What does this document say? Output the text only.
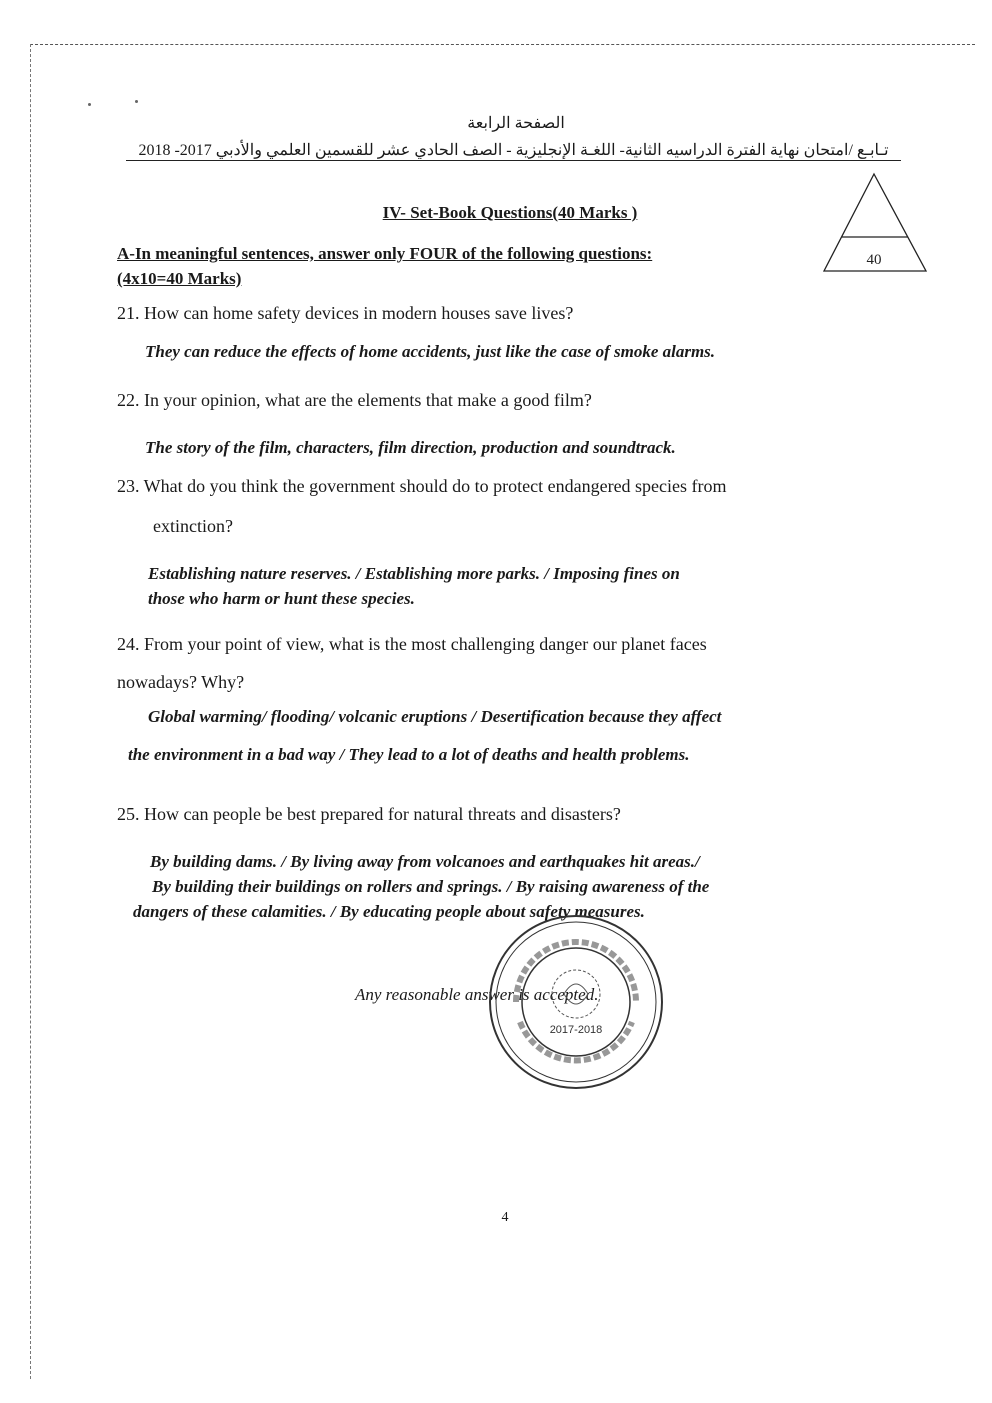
الصفحة الرابعة
تـابـع /امتحان نهاية الفترة الدراسيه الثانية- اللغـة الإنجليزية - الصف الحادي عشر للقسمين العلمي والأدبي 2017- 2018
IV- Set-Book Questions(40 Marks )
A-In meaningful sentences, answer only FOUR of the following questions:
(4x10=40 Marks)
40
21. How can home safety devices in modern houses save lives?
They can reduce the effects of home accidents, just like the case of smoke alarms.
22. In your opinion, what are the elements that make a good film?
The story of the film, characters, film direction, production and soundtrack.
23. What do you think the government should do to protect endangered species from
extinction?
Establishing nature reserves. / Establishing more parks. / Imposing fines on
those who harm or hunt these species.
24. From your point of view, what is the most challenging danger our planet faces
nowadays? Why?
Global warming/ flooding/ volcanic eruptions / Desertification because they affect
the environment in a bad way / They lead to a lot of deaths and health problems.
25. How can people be best prepared for natural threats and disasters?
By building dams. / By living away from volcanoes and earthquakes hit areas./
By building their buildings on rollers and springs. / By raising awareness of the
dangers of these calamities. / By educating people about safety measures.
Any reasonable answer is accepted.
2017-2018
4
